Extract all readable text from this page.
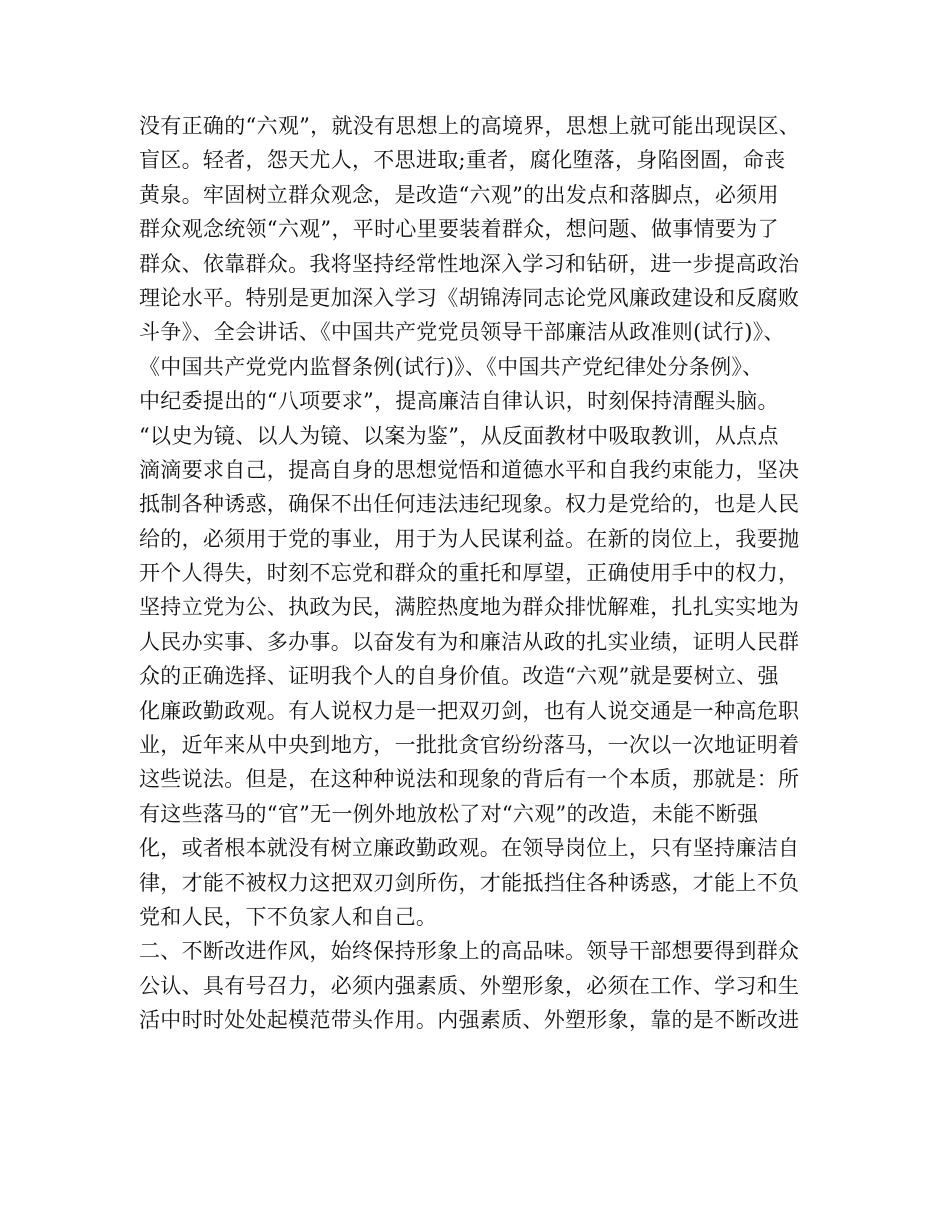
没有正确的“六观”，就没有思想上的高境界，思想上就可能出现误区、
盲区。轻者，怨天尤人，不思进取;重者，腐化堕落，身陷囹圄，命丧
黄泉。牢固树立群众观念，是改造“六观”的出发点和落脚点，必须用
群众观念统领“六观”，平时心里要装着群众，想问题、做事情要为了
群众、依靠群众。我将坚持经常性地深入学习和钻研，进一步提高政治
理论水平。特别是更加深入学习《胡锦涛同志论党风廉政建设和反腐败
斗争》、全会讲话、《中国共产党党员领导干部廉洁从政准则(试行)》、
《中国共产党党内监督条例(试行)》、《中国共产党纪律处分条例》、
中纪委提出的“八项要求”，提高廉洁自律认识，时刻保持清醒头脑。
“以史为镜、以人为镜、以案为鉴”，从反面教材中吸取教训，从点点
滴滴要求自己，提高自身的思想觉悟和道德水平和自我约束能力，坚决
抵制各种诱惑，确保不出任何违法违纪现象。权力是党给的，也是人民
给的，必须用于党的事业，用于为人民谋利益。在新的岗位上，我要抛
开个人得失，时刻不忘党和群众的重托和厚望，正确使用手中的权力，
坚持立党为公、执政为民，满腔热度地为群众排忧解难，扎扎实实地为
人民办实事、多办事。以奋发有为和廉洁从政的扎实业绩，证明人民群
众的正确选择、证明我个人的自身价值。改造“六观”就是要树立、强
化廉政勤政观。有人说权力是一把双刃剑，也有人说交通是一种高危职
业，近年来从中央到地方，一批批贪官纷纷落马，一次以一次地证明着
这些说法。但是，在这种种说法和现象的背后有一个本质，那就是：所
有这些落马的“官”无一例外地放松了对“六观”的改造，未能不断强
化，或者根本就没有树立廉政勤政观。在领导岗位上，只有坚持廉洁自
律，才能不被权力这把双刃剑所伤，才能抵挡住各种诱惑，才能上不负
党和人民，下不负家人和自己。
二、不断改进作风，始终保持形象上的高品味。领导干部想要得到群众
公认、具有号召力，必须内强素质、外塑形象，必须在工作、学习和生
活中时时处处起模范带头作用。内强素质、外塑形象，靠的是不断改进
